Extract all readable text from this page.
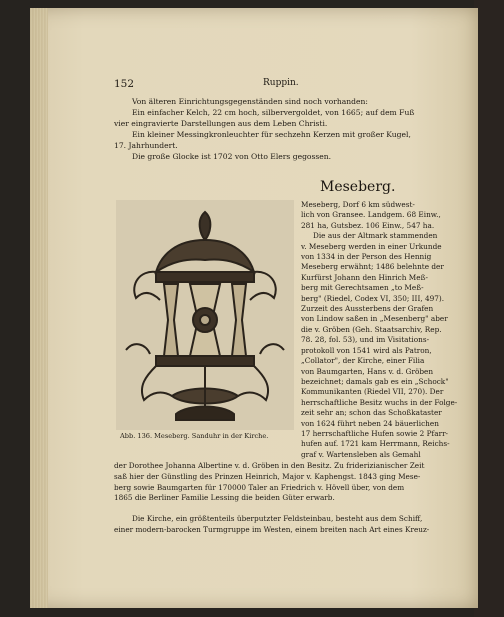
152	Ruppin.
Von älteren Einrichtungsgegenständen sind noch vorhanden:
Ein einfacher Kelch, 22 cm hoch, silbervergoldet, von 1665; auf dem Fuß
vier eingravierte Darstellungen aus dem Leben Christi.
Ein kleiner Messingkronleuchter für sechzehn Kerzen mit großer Kugel,
17. Jahrhundert.
Die große Glocke ist 1702 von Otto Elers gegossen.
Meseberg.
Abb. 136. Meseberg. Sanduhr in der Kirche.
Meseberg, Dorf 6 km südwest-
lich von Gransee. Landgem. 68 Einw.,
281 ha, Gutsbez. 106 Einw., 547 ha.
Die aus der Altmark stammenden
v. Meseberg werden in einer Urkunde
von 1334 in der Person des Hennig
Meseberg erwähnt; 1486 belehnte der
Kurfürst Johann den Hinrich Meß-
berg mit Gerechtsamen „to Meß-
berg" (Riedel, Codex VI, 350; III, 497).
Zurzeit des Aussterbens der Grafen
von Lindow saßen in „Mesenberg" aber
die v. Gröben (Geh. Staatsarchiv, Rep.
78. 28, fol. 53), und im Visitations-
protokoll von 1541 wird als Patron,
„Collator", der Kirche, einer Filia
von Baumgarten, Hans v. d. Gröben
bezeichnet; damals gab es ein „Schock"
Kommunikanten (Riedel VII, 270). Der
herrschaftliche Besitz wuchs in der Folge-
zeit sehr an; schon das Schoßkataster
von 1624 führt neben 24 bäuerlichen
17 herrschaftliche Hufen sowie 2 Pfarr-
hufen auf. 1721 kam Herrmann, Reichs-
graf v. Wartensleben als Gemahl
der Dorothee Johanna Albertine v. d. Gröben in den Besitz. Zu friderizianischer Zeit
saß hier der Günstling des Prinzen Heinrich, Major v. Kaphengst. 1843 ging Mese-
berg sowie Baumgarten für 170000 Taler an Friedrich v. Hövell über, von dem
1865 die Berliner Familie Lessing die beiden Güter erwarb.
Die Kirche, ein größtenteils überputzter Feldsteinbau, besteht aus dem Schiff,
einer modern-barocken Turmgruppe im Westen, einem breiten nach Art eines Kreuz-
